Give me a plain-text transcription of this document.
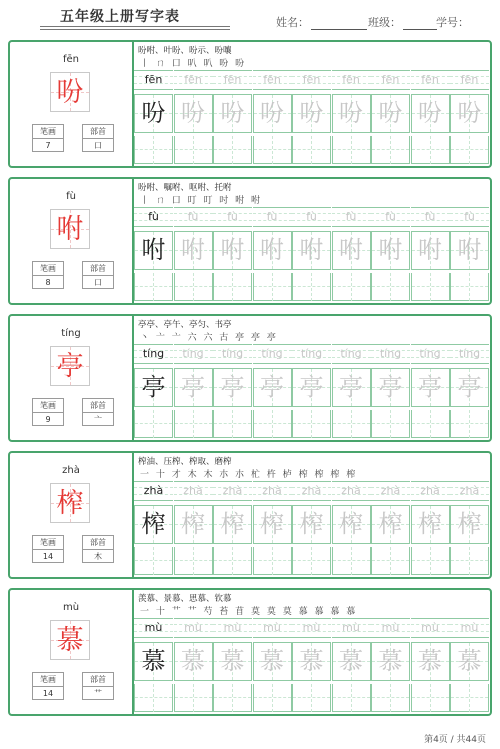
五年级上册写字表	姓名：	班级：	学号：
fēn
吩
笔画
7
部首
口
吩咐、叶吩、吩示、吩嚷
丨 ㄇ 口 叭 叭 吩 吩
fēn
吩
fēn
吩
fēn
吩
fēn
吩
fēn
吩
fēn
吩
fēn
吩
fēn
吩
fēn
吩
fù
咐
笔画
8
部首
口
吩咐、嘱咐、呕咐、托咐
丨 ㄇ 口 叮 叮 吋 咐 咐
fù
咐
fù
咐
fù
咐
fù
咐
fù
咐
fù
咐
fù
咐
fù
咐
fù
咐
tíng
亭
笔画
9
部首
亠
亭亭、亭午、亭匀、书亭
丶 亠 亠 六 六 古 亭 亭 亭
tíng
亭
tíng
亭
tíng
亭
tíng
亭
tíng
亭
tíng
亭
tíng
亭
tíng
亭
tíng
亭
zhà
榨
笔画
14
部首
木
榨油、压榨、榨取、磨榨
一 十 才 木 木 朩 朩 杧 杵 栌 榨 榨 榨 榨
zhà
榨
zhà
榨
zhà
榨
zhà
榨
zhà
榨
zhà
榨
zhà
榨
zhà
榨
zhà
榨
mù
慕
笔画
14
部首
艹
羡慕、景慕、思慕、钦慕
一 十 艹 艹 芍 苔 苜 莫 莫 莫 慕 慕 慕 慕
mù
慕
mù
慕
mù
慕
mù
慕
mù
慕
mù
慕
mù
慕
mù
慕
mù
慕
第4页 / 共44页
